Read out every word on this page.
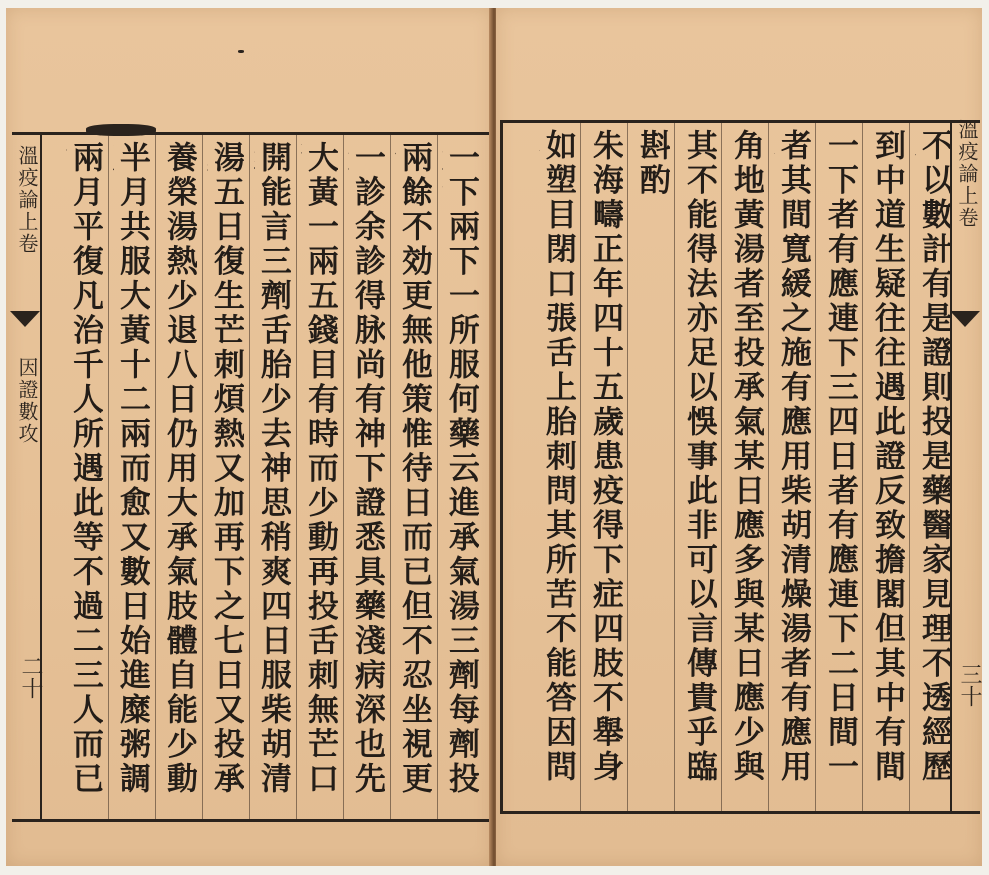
一下兩下一所服何藥云進承氣湯三劑每劑投
兩餘不効更無他策惟待日而已但不忍坐視更
一診余診得脉尚有神下證悉具藥淺病深也先
大黃一兩五錢目有時而少動再投舌刺無芒口
開能言三劑舌胎少去神思稍爽四日服柴胡清
湯五日復生芒刺煩熱又加再下之七日又投承
養榮湯熱少退八日仍用大承氣肢體自能少動
半月共服大黃十二兩而愈又數日始進糜粥調
兩月平復凡治千人所遇此等不過二三人而已
溫疫論上卷
因證數攻
二十
不以數計有是證則投是藥醫家見理不透經歷
到中道生疑往往遇此證反致擔閣但其中有間
一下者有應連下三四日者有應連下二日間一
者其間寬緩之施有應用柴胡清燥湯者有應用
角地黃湯者至投承氣某日應多與某日應少與
其不能得法亦足以悞事此非可以言傳貴乎臨
斟酌
朱海疇正年四十五歲患疫得下症四肢不舉身
如塑目閉口張舌上胎刺問其所苦不能答因問
溫疫論上卷
三十
